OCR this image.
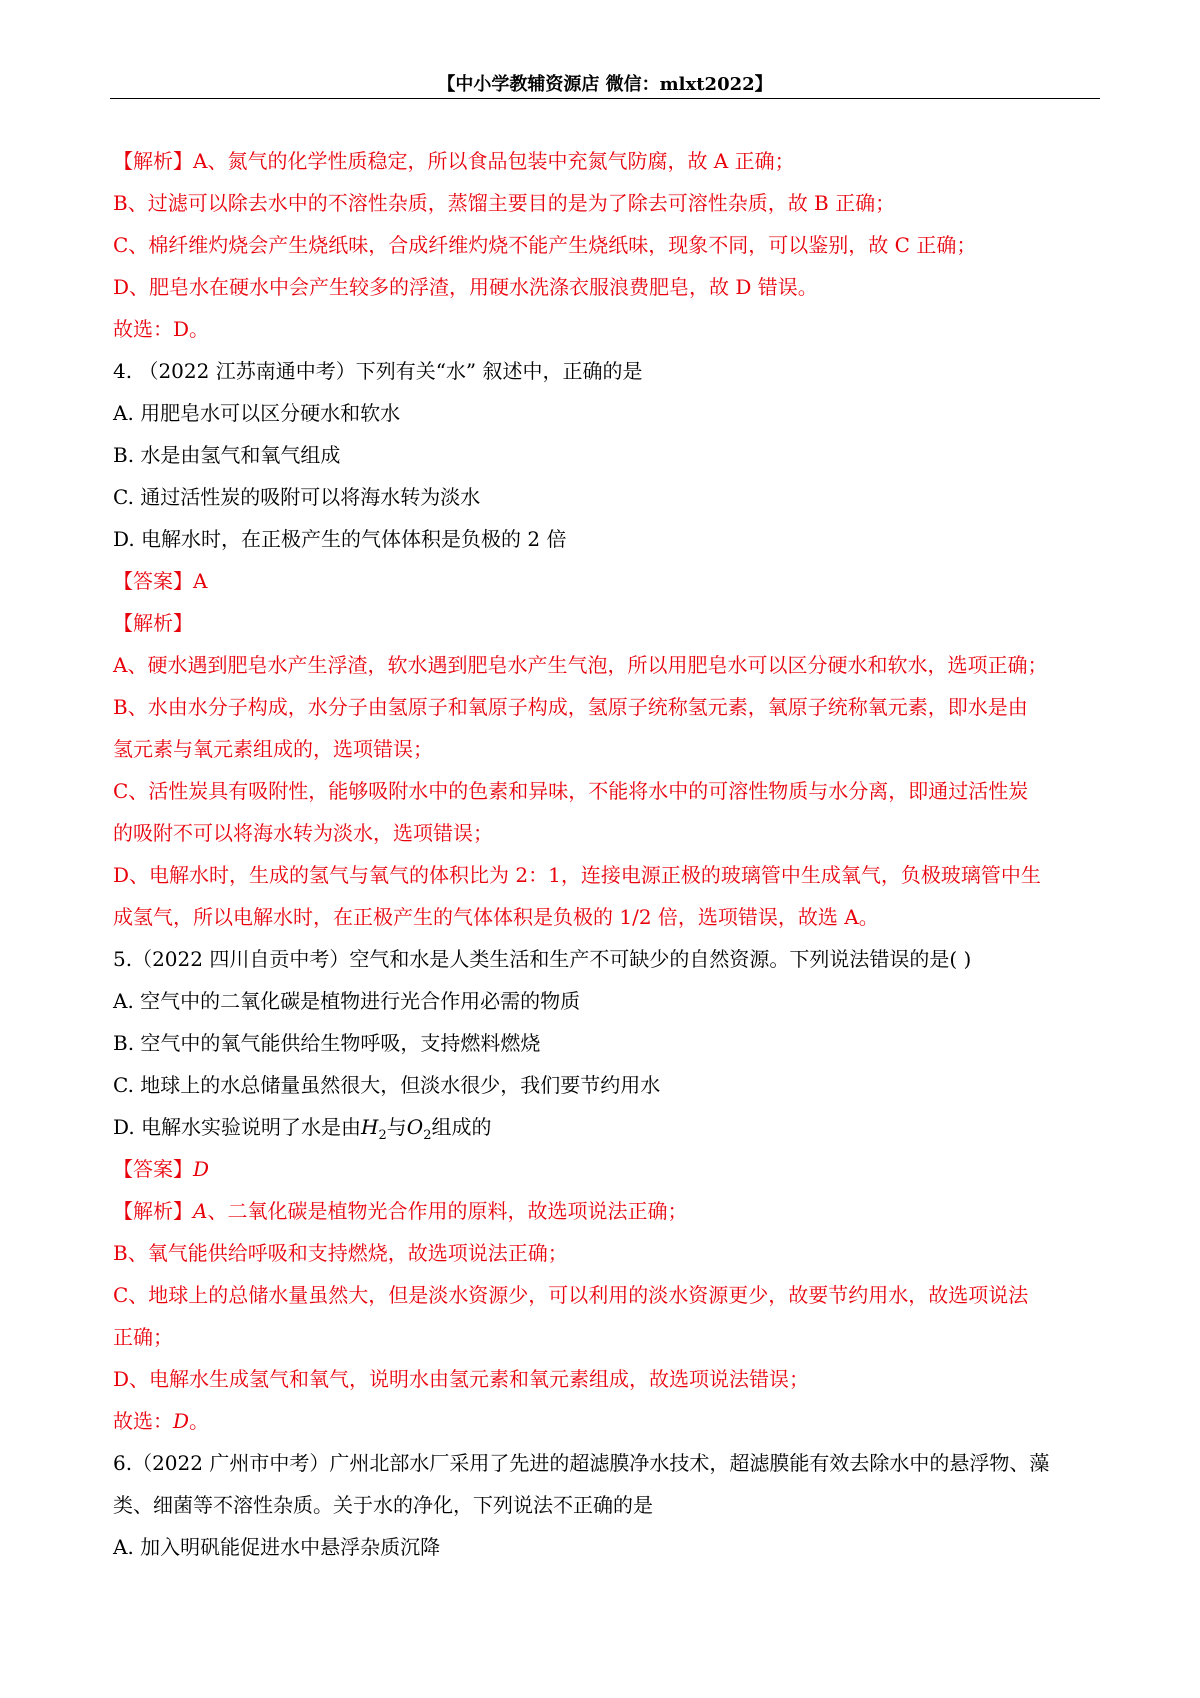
【中小学教辅资源店 微信：mlxt2022】
【解析】A、氮气的化学性质稳定，所以食品包装中充氮气防腐，故 A 正确；
B、过滤可以除去水中的不溶性杂质，蒸馏主要目的是为了除去可溶性杂质，故 B 正确；
C、棉纤维灼烧会产生烧纸味，合成纤维灼烧不能产生烧纸味，现象不同，可以鉴别，故 C 正确；
D、肥皂水在硬水中会产生较多的浮渣，用硬水洗涤衣服浪费肥皂，故 D 错误。
故选：D。
4. （2022 江苏南通中考）下列有关“水” 叙述中，正确的是
A. 用肥皂水可以区分硬水和软水
B. 水是由氢气和氧气组成
C. 通过活性炭的吸附可以将海水转为淡水
D. 电解水时，在正极产生的气体体积是负极的 2 倍
【答案】A
【解析】
A、硬水遇到肥皂水产生浮渣，软水遇到肥皂水产生气泡，所以用肥皂水可以区分硬水和软水，选项正确；
B、水由水分子构成，水分子由氢原子和氧原子构成，氢原子统称氢元素，氧原子统称氧元素，即水是由
氢元素与氧元素组成的，选项错误；
C、活性炭具有吸附性，能够吸附水中的色素和异味，不能将水中的可溶性物质与水分离，即通过活性炭
的吸附不可以将海水转为淡水，选项错误；
D、电解水时，生成的氢气与氧气的体积比为 2：1，连接电源正极的玻璃管中生成氧气，负极玻璃管中生
成氢气，所以电解水时，在正极产生的气体体积是负极的 1/2 倍，选项错误，故选 A。
5.（2022 四川自贡中考）空气和水是人类生活和生产不可缺少的自然资源。下列说法错误的是( )
A. 空气中的二氧化碳是植物进行光合作用必需的物质
B. 空气中的氧气能供给生物呼吸，支持燃料燃烧
C. 地球上的水总储量虽然很大，但淡水很少，我们要节约用水
D. 电解水实验说明了水是由$H_2$与$O_2$组成的
【答案】D
【解析】A、二氧化碳是植物光合作用的原料，故选项说法正确；
B、氧气能供给呼吸和支持燃烧，故选项说法正确；
C、地球上的总储水量虽然大，但是淡水资源少，可以利用的淡水资源更少，故要节约用水，故选项说法
正确；
D、电解水生成氢气和氧气，说明水由氢元素和氧元素组成，故选项说法错误；
故选：D。
6.（2022 广州市中考）广州北部水厂采用了先进的超滤膜净水技术，超滤膜能有效去除水中的悬浮物、藻
类、细菌等不溶性杂质。关于水的净化，下列说法不正确的是
A. 加入明矾能促进水中悬浮杂质沉降
